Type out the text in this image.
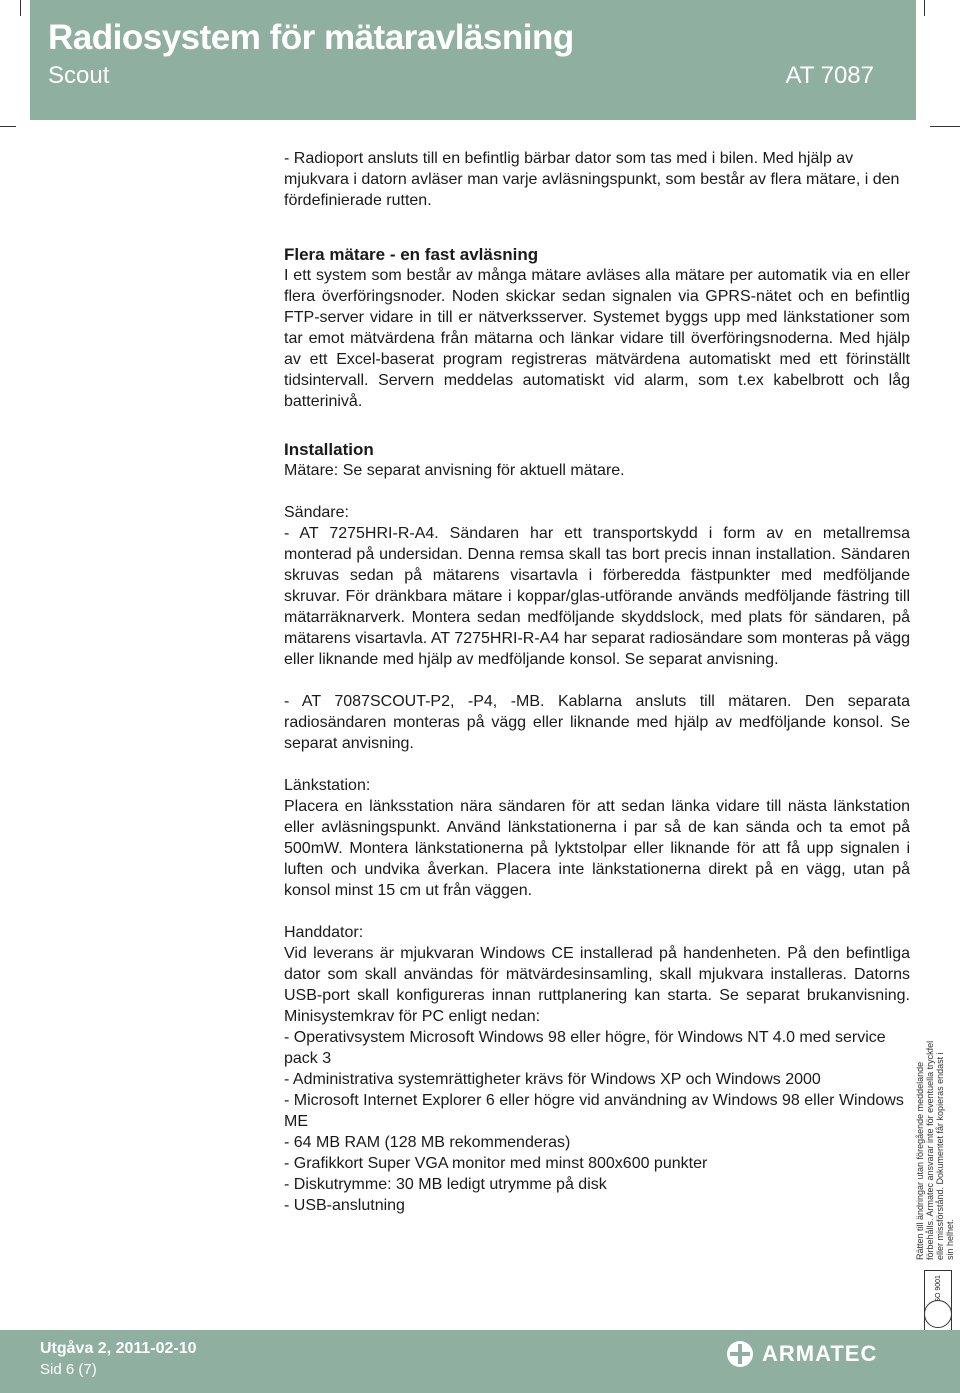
Radiosystem för mätaravläsning
Scout	AT 7087

- Radioport ansluts till en befintlig bärbar dator som tas med i bilen. Med hjälp av mjukvara i datorn avläser man varje avläsningspunkt, som består av flera mätare, i den fördefinierade rutten.

Flera mätare - en fast avläsning

I ett system som består av många mätare avläses alla mätare per automatik via en eller flera överföringsnoder. Noden skickar sedan signalen via GPRS-nätet och en befintlig FTP-server vidare in till er nätverksserver. Systemet byggs upp med länkstationer som tar emot mätvärdena från mätarna och länkar vidare till överföringsnoderna. Med hjälp av ett Excel-baserat program registreras mätvärdena automatiskt med ett förinställt tidsintervall. Servern meddelas automatiskt vid alarm, som t.ex kabelbrott och låg batterinivå.

Installation

Mätare: Se separat anvisning för aktuell mätare.

Sändare:

- AT 7275HRI-R-A4. Sändaren har ett transportskydd i form av en metallremsa monterad på undersidan. Denna remsa skall tas bort precis innan installation. Sändaren skruvas sedan på mätarens visartavla i förberedda fästpunkter med medföljande skruvar. För dränkbara mätare i koppar/glas-utförande används medföljande fästring till mätarräknarverk. Montera sedan medföljande skyddslock, med plats för sändaren, på mätarens visartavla. AT 7275HRI-R-A4 har separat radiosändare som monteras på vägg eller liknande med hjälp av medföljande konsol. Se separat anvisning.

- AT 7087SCOUT-P2, -P4, -MB. Kablarna ansluts till mätaren. Den separata radiosändaren monteras på vägg eller liknande med hjälp av medföljande konsol. Se separat anvisning.

Länkstation:

Placera en länksstation nära sändaren för att sedan länka vidare till nästa länkstation eller avläsningspunkt. Använd länkstationerna i par så de kan sända och ta emot på 500mW. Montera länkstationerna på lyktstolpar eller liknande för att få upp signalen i luften och undvika åverkan. Placera inte länkstationerna direkt på en vägg, utan på konsol minst 15 cm ut från väggen.

Handdator:

Vid leverans är mjukvaran Windows CE installerad på handenheten. På den befintliga dator som skall användas för mätvärdesinsamling, skall mjukvara installeras. Datorns USB-port skall konfigureras innan ruttplanering kan starta. Se separat brukanvisning. Minisystemkrav för PC enligt nedan:

- Operativsystem Microsoft Windows 98 eller högre, för Windows NT 4.0 med service pack 3

- Administrativa systemrättigheter krävs för Windows XP och Windows 2000

- Microsoft Internet Explorer 6 eller högre vid användning av Windows 98 eller Windows ME

- 64 MB RAM (128 MB rekommenderas)

- Grafikkort Super VGA monitor med minst 800x600 punkter

- Diskutrymme: 30 MB ledigt utrymme på disk

- USB-anslutning	Rätten till ändringar utan föregående meddelande förbehålls. Armatec ansvarar inte för eventuella tryckfel eller missförstånd. Dokumentet får kopieras endast i sin helhet.
Utgåva 2, 2011-02-10
Sid 6 (7)
ARMATEC
